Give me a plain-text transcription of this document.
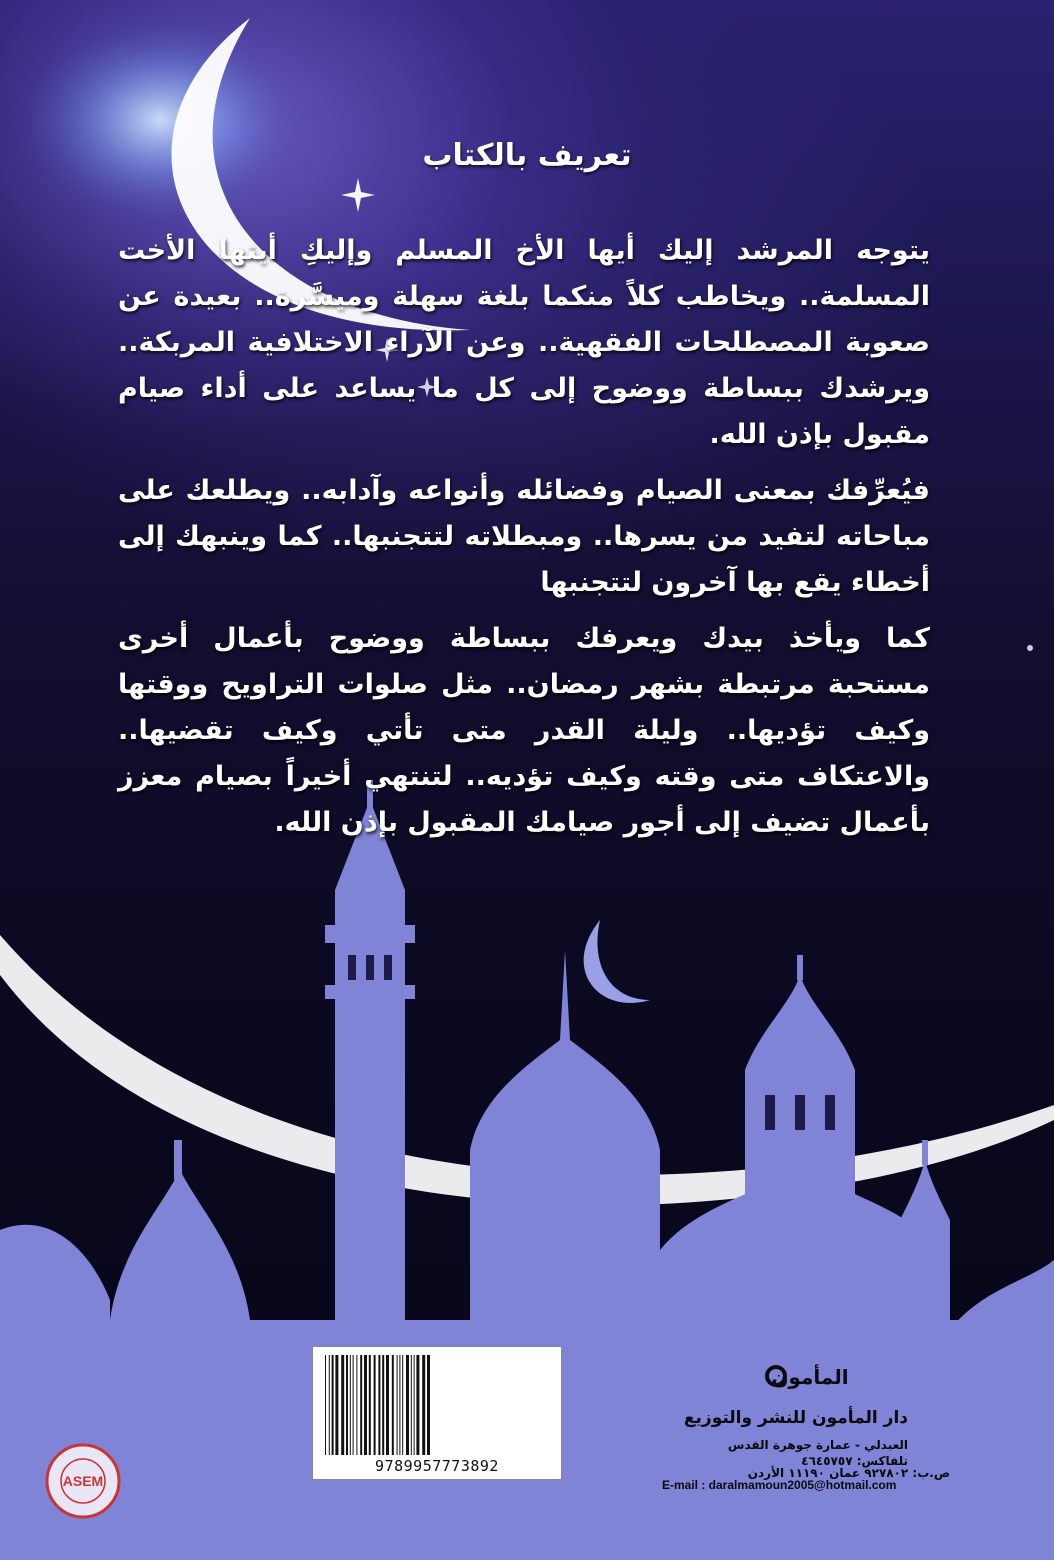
تعريف بالكتاب

يتوجه المرشد إليك أيها الأخ المسلم وإليكِ أيتها الأخت المسلمة.. ويخاطب كلاً منكما بلغة سهلة وميسَّرة.. بعيدة عن صعوبة المصطلحات الفقهية.. وعن الآراء الاختلافية المربكة.. ويرشدك ببساطة ووضوح إلى كل ما يساعد على أداء صيام مقبول بإذن الله.

فيُعرِّفك بمعنى الصيام وفضائله وأنواعه وآدابه.. ويطلعك على مباحاته لتفيد من يسرها.. ومبطلاته لتتجنبها.. كما وينبهك إلى أخطاء يقع بها آخرون لتتجنبها

كما ويأخذ بيدك ويعرفك ببساطة ووضوح بأعمال أخرى مستحبة مرتبطة بشهر رمضان.. مثل صلوات التراويح ووقتها وكيف تؤديها.. وليلة القدر متى تأتي وكيف تقضيها.. والاعتكاف متى وقته وكيف تؤديه.. لتنتهي أخيراً بصيام معزز بأعمال تضيف إلى أجور صيامك المقبول بإذن الله.

9789957773892
المأمون
دار المأمون للنشر والتوزيع
العبدلي - عمارة جوهرة القدس
تلفاكس: ٤٦٤٥٧٥٧
ص.ب: ٩٢٧٨٠٢ عمان ١١١٩٠ الأردن
E-mail : daralmamoun2005@hotmail.com
ASEM
